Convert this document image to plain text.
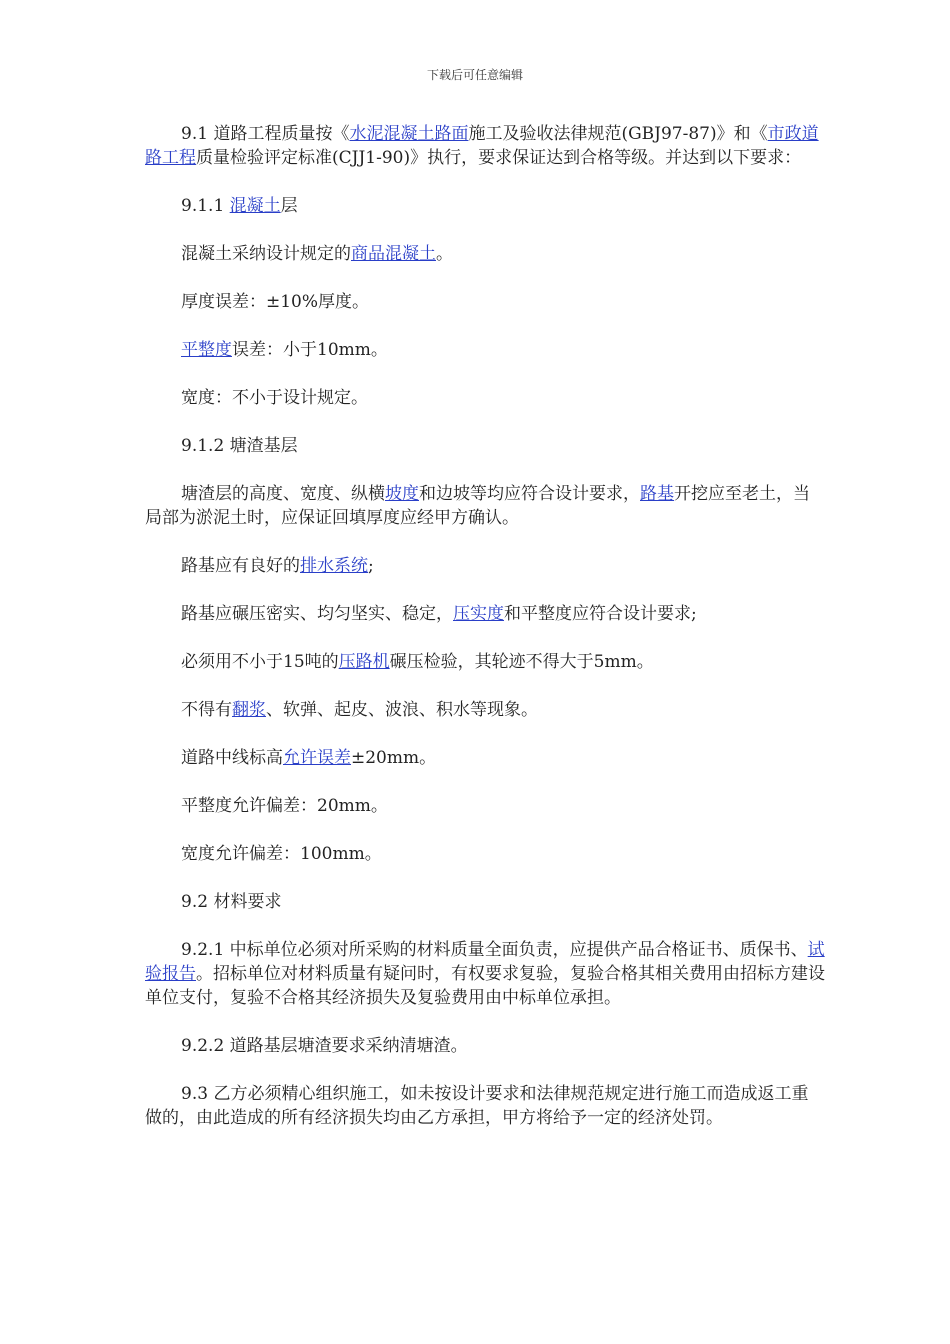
下载后可任意编辑

9.1 道路工程质量按《水泥混凝土路面施工及验收法律规范(GBJ97-87)》和《市政道路工程质量检验评定标准(CJJ1-90)》执行，要求保证达到合格等级。并达到以下要求：

9.1.1 混凝土层

混凝土采纳设计规定的商品混凝土。

厚度误差：±10%厚度。

平整度误差：小于10mm。

宽度：不小于设计规定。

9.1.2 塘渣基层

塘渣层的高度、宽度、纵横坡度和边坡等均应符合设计要求，路基开挖应至老土，当局部为淤泥土时，应保证回填厚度应经甲方确认。

路基应有良好的排水系统;

路基应碾压密实、均匀坚实、稳定，压实度和平整度应符合设计要求;

必须用不小于15吨的压路机碾压检验，其轮迹不得大于5mm。

不得有翻浆、软弹、起皮、波浪、积水等现象。

道路中线标高允许误差±20mm。

平整度允许偏差：20mm。

宽度允许偏差：100mm。

9.2 材料要求

9.2.1 中标单位必须对所采购的材料质量全面负责，应提供产品合格证书、质保书、试验报告。招标单位对材料质量有疑问时，有权要求复验，复验合格其相关费用由招标方建设单位支付，复验不合格其经济损失及复验费用由中标单位承担。

9.2.2 道路基层塘渣要求采纳清塘渣。

9.3 乙方必须精心组织施工，如未按设计要求和法律规范规定进行施工而造成返工重做的，由此造成的所有经济损失均由乙方承担，甲方将给予一定的经济处罚。
